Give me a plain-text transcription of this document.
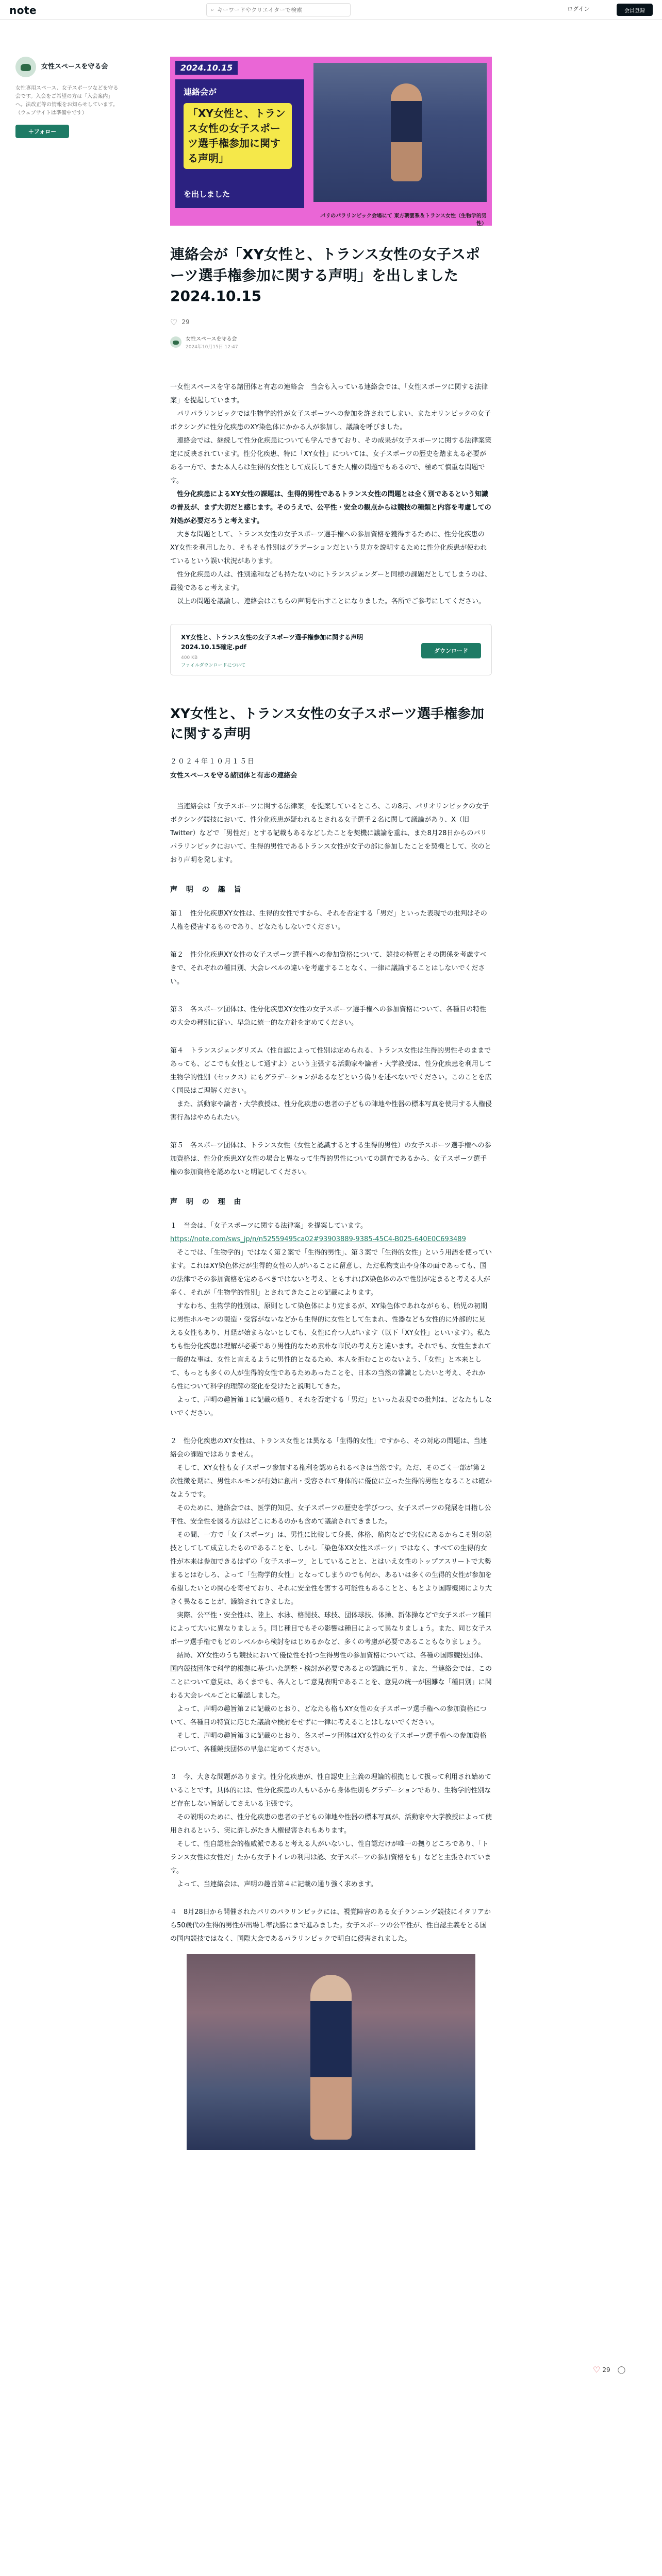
note	⌕
キーワードやクリエイターで検索	ログイン	会員登録
女性スペースを守る会
女性専用スペース、女子スポーツなどを守る会です。入会をご希望の方は「入会案内」へ。法改正等の情報をお知らせしています。（ウェブサイトは準備中です）
＋フォロー
2024.10.15
連絡会が
「XY女性と、トランス女性の女子スポーツ選手権参加に関する声明」
を出しました
パリのパラリンピック会場にて 東方朝雲系＆トランス女性（生物学的男性）
連絡会が「XY女性と、トランス女性の女子スポーツ選手権参加に関する声明」を出しました2024.10.15
♡ 29
女性スペースを守る会
2024年10月15日 12:47

一女性スペースを守る諸団体と有志の連絡会　当会も入っている連絡会では、「女性スポーツに関する法律案」を提起しています。

　パリパラリンピックでは生物学的性が女子スポーツへの参加を許されてしまい、またオリンピックの女子ボクシングに性分化疾患のXY染色体にかかる人が参加し、議論を呼びました。

　連絡会では、継続して性分化疾患についても学んできており、その成果が女子スポーツに関する法律案策定に反映されています。性分化疾患、特に「XY女性」については、女子スポーツの歴史を踏まえる必要がある一方で、また本人らは生得的女性として成長してきた人権の問題でもあるので、極めて慎重な問題です。

　性分化疾患によるXY女性の課題は、生得的男性であるトランス女性の問題とは全く別であるという知識の普及が、まず大切だと感じます。そのうえで、公平性・安全の観点からは競技の種類と内容を考慮しての対処が必要だろうと考えます。

　大きな問題として、トランス女性の女子スポーツ選手権への参加資格を獲得するために、性分化疾患のXY女性を利用したり、そもそも性別はグラデーションだという見方を説明するために性分化疾患が使われているという誤い状況があります。

　性分化疾患の人は、性別違和なども持たないのにトランスジェンダーと同様の課題だとしてしまうのは、最後であると考えます。

　以上の問題を議論し、連絡会はこちらの声明を出すことになりました。各所でご参考にしてください。

XY女性と、トランス女性の女子スポーツ選手権参加に関する声明　2024.10.15確定.pdf
400 KB
ファイルダウンロードについて
ダウンロード
XY女性と、トランス女性の女子スポーツ選手権参加に関する声明
２０２４年１０月１５日
女性スペースを守る諸団体と有志の連絡会

　当連絡会は「女子スポーツに関する法律案」を提案しているところ、この8月、パリオリンピックの女子ボクシング競技において、性分化疾患が疑われるとされる女子選手２名に関して議論があり、X（旧Twitter）などで「男性だ」とする記載もあるなどしたことを契機に議論を重ね、また8月28日からのパリパラリンピックにおいて、生得的男性であるトランス女性が女子の部に参加したことを契機として、次のとおり声明を発します。

声 明 の 趣 旨

第１　性分化疾患XY女性は、生得的女性ですから、それを否定する「男だ」といった表現での批判はその人権を侵害するものであり、どなたもしないでください。

第２　性分化疾患XY女性の女子スポーツ選手権への参加資格について、競技の特質とその関係を考慮すべきで、それぞれの種目別、大会レベルの違いを考慮することなく、一律に議論することはしないでください。

第３　各スポーツ団体は、性分化疾患XY女性の女子スポーツ選手権への参加資格について、各種目の特性の大会の種別に従い、早急に統一的な方針を定めてください。

第４　トランスジェンダリズム（性自認によって性別は定められる、トランス女性は生得的男性そのままであっても、どこでも女性として通すよ）という主張する活動家や論者・大学教授は、性分化疾患を利用して生物学的性別（セックス）にもグラデーションがあるなどという偽りを述べないでください。このことを広く国民はご理解ください。

　また、活動家や論者・大学教授は、性分化疾患の患者の子どもの陣地や性器の標本写真を使用する人権侵害行為はやめられたい。

第５　各スポーツ団体は、トランス女性（女性と認識するとする生得的男性）の女子スポーツ選手権への参加資格は、性分化疾患XY女性の場合と異なって生得的男性についての調査であるから、女子スポーツ選手権の参加資格を認めないと明記してください。

声 明 の 理 由

１　当会は、「女子スポーツに関する法律案」を提案しています。

https://note.com/sws_jp/n/n52559495ca02#9390388​9-9385-45C4-B025-640E0C693489

　そこでは、「生物学的」ではなく第２案で「生得的男性」、第３案で「生得的女性」という用語を使っています。これはXY染色体だが生得的女性の人がいることに留意し、ただ私物支出や身体の面であっても、国の法律でその参加資格を定めるべきではないと考え、ともすればX染色体のみで性別が定まると考える人が多く、それが「生物学的性別」とされてきたことの記載によります。

　すなわち、生物学的性別は、原則として染色体により定まるが、XY染色体であれながらも、胎児の初期に男性ホルモンの製造・受容がないなどから生得的に女性として生まれ、性器なども女性的に外部的に見える女性もあり、月経が始まらないとしても、女性に育つ人がいます（以下「XY女性」といいます）。私たちも性分化疾患は理解が必要であり男性的なため素朴な市民の考え方と違います。それでも、女性生まれて一般的な事は、女性と言えるように男性的となるため、本人を拒むことのないよう、「女性」と本来として、もっとも多くの人が生得的女性であるためあったことを、日本の当然の常識としたいと考え、それから性について科学的理解の変化を受けたと説明してきた。

　よって、声明の趣旨第１に記載の通り、それを否定する「男だ」といった表現での批判は、どなたもしないでください。

２　性分化疾患のXY女性は、トランス女性とは異なる「生得的女性」ですから、その対応の問題は、当連絡会の課題ではありません。

　そして、XY女性も女子スポーツ参加する権利を認められるべきは当然です。ただ、そのごく一部が第２次性徴を期に、男性ホルモンが有効に創出・受容されて身体的に優位に立った生得的男性となることは確かなようです。

　そのために、連絡会では、医学的知見、女子スポーツの歴史を学びつつ、女子スポーツの発展を目指し公平性、安全性を図る方法はどこにあるのかも含めて議論されてきました。

　その間、一方で「女子スポーツ」は、男性に比較して身長、体格、筋肉などで劣位にあるからこそ別の競技としてして成立したものであることを、しかし「染色体XX女性スポーツ」ではなく、すべての生得的女性が本来は参加できるはずの「女子スポーツ」としていることと、とはいえ女性のトップアスリートで大勢まるとはむしろ、よって「生物学的女性」となってしまうのでも何か、あるいは多くの生得的女性が参加を希望したいとの関心を寄せており、それに安全性を害する可能性もあることと、もとより国際機関により大きく異なることが、議論されてきました。

　実際、公平性・安全性は、陸上、水泳、格闘技、球技、団体球技、体操、新体操などで女子スポーツ種目によって大いに異なりましょう。同じ種目でもその影響は種目によって異なりましょう。また、同じ女子スポーツ選手権でもどのレベルから検討をはじめるかなど、多くの考慮が必要であることもなりましょう。

　結局、XY女性のうち競技において優位性を持つ生得男性の参加資格については、各種の国際競技団体、国内競技団体で科学的根拠に基づいた調整・検討が必要であるとの認識に至り、また、当連絡会では、このことについて意見は、あくまでも、各人として意見表明であることを、意見の統一が困難な「種目別」に関わる大会レベルごとに確認しました。

　よって、声明の趣旨第２に記載のとおり、どなたも格もXY女性の女子スポーツ選手権への参加資格について、各種目の特質に応じた議論や検討をせずに一律に考えることはしないでください。

　そして、声明の趣旨第３に記載のとおり、各スポーツ団体はXY女性の女子スポーツ選手権への参加資格について、各種競技団体の早急に定めてください。

３　今、大きな問題があります。性分化疾患が、性自認史上主義の理論的根拠として扱って利用され始めていることです。具体的には、性分化疾患の人もいるから身体性別もグラデーションであり、生物学的性別など存在しない旨話してさえいる主張です。

　その説明のために、性分化疾患の患者の子どもの陣地や性器の標本写真が、活動家や大学教授によって使用されるという、実に許しがたき人権侵害されもあります。

　そして、性自認社会的権威派であると考える人がいないし、性自認だけが唯一の拠りどころであり、「トランス女性は女性だ」たから女子トイレの利用は認、女子スポーツの参加資格をも」などと主張されています。

　よって、当連絡会は、声明の趣旨第４に記載の通り強く求めます。

４　8月28日から開催されたパリのパラリンピックには、視覚障害のある女子ランニング競技にイタリアから50歳代の生得的男性が出場し準決勝にまで進みました。女子スポーツの公平性が、性自認主義をとる国の国内競技ではなく、国際大会であるパラリンピックで明白に侵害されました。

♡ 29 ◯
